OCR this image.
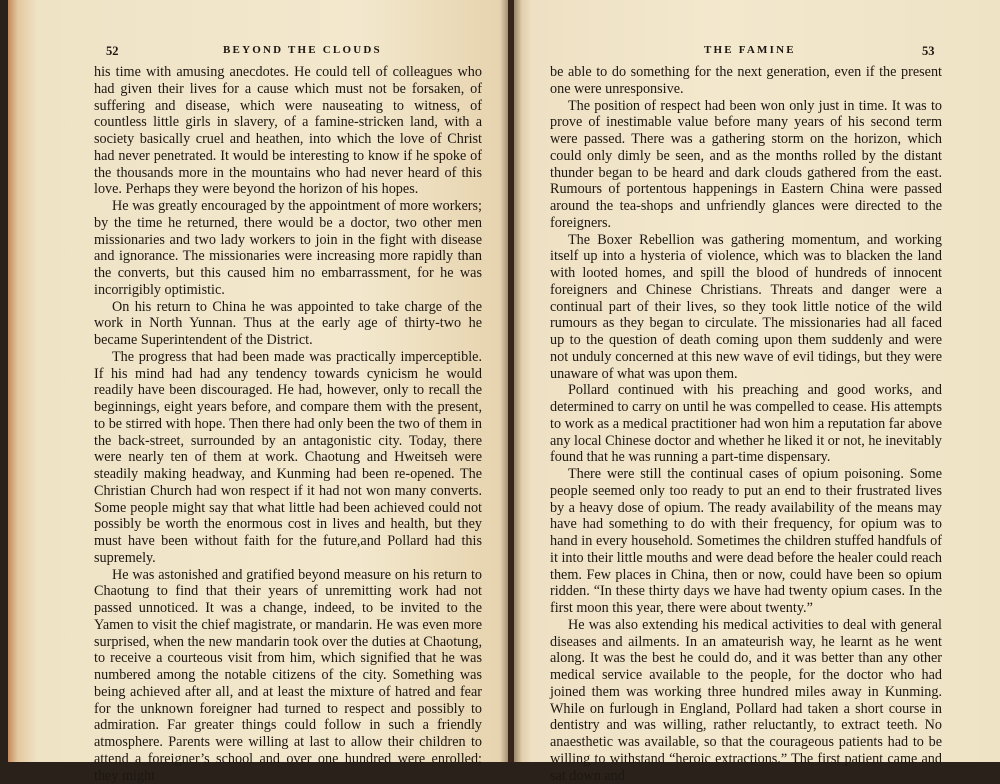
52	BEYOND THE CLOUDS

his time with amusing anecdotes. He could tell of colleagues who had given their lives for a cause which must not be forsaken, of suffering and disease, which were nauseating to witness, of countless little girls in slavery, of a famine-stricken land, with a society basically cruel and heathen, into which the love of Christ had never penetrated. It would be interesting to know if he spoke of the thousands more in the mountains who had never heard of this love. Perhaps they were beyond the horizon of his hopes.

He was greatly encouraged by the appointment of more workers; by the time he returned, there would be a doctor, two other men missionaries and two lady workers to join in the fight with disease and ignorance. The missionaries were increasing more rapidly than the converts, but this caused him no embarrassment, for he was incorrigibly optimistic.

On his return to China he was appointed to take charge of the work in North Yunnan. Thus at the early age of thirty-two he became Superintendent of the District.

The progress that had been made was practically imperceptible. If his mind had had any tendency towards cynicism he would readily have been discouraged. He had, however, only to recall the beginnings, eight years before, and compare them with the present, to be stirred with hope. Then there had only been the two of them in the back-street, surrounded by an antagonistic city. Today, there were nearly ten of them at work. Chaotung and Hweitseh were steadily making headway, and Kunming had been re-opened. The Christian Church had won respect if it had not won many converts. Some people might say that what little had been achieved could not possibly be worth the enormous cost in lives and health, but they must have been without faith for the future,and Pollard had this supremely.

He was astonished and gratified beyond measure on his return to Chaotung to find that their years of unremitting work had not passed unnoticed. It was a change, indeed, to be invited to the Yamen to visit the chief magistrate, or mandarin. He was even more surprised, when the new mandarin took over the duties at Chaotung, to receive a courteous visit from him, which signified that he was numbered among the notable citizens of the city. Something was being achieved after all, and at least the mixture of hatred and fear for the unknown foreigner had turned to respect and possibly to admiration. Far greater things could follow in such a friendly atmosphere. Parents were willing at last to allow their children to attend a foreigner’s school and over one hundred were enrolled; they might

THE FAMINE	53

be able to do something for the next generation, even if the present one were unresponsive.

The position of respect had been won only just in time. It was to prove of inestimable value before many years of his second term were passed. There was a gathering storm on the horizon, which could only dimly be seen, and as the months rolled by the distant thunder began to be heard and dark clouds gathered from the east. Rumours of portentous happenings in Eastern China were passed around the tea-shops and unfriendly glances were directed to the foreigners.

The Boxer Rebellion was gathering momentum, and working itself up into a hysteria of violence, which was to blacken the land with looted homes, and spill the blood of hundreds of innocent foreigners and Chinese Christians. Threats and danger were a continual part of their lives, so they took little notice of the wild rumours as they began to circulate. The missionaries had all faced up to the question of death coming upon them suddenly and were not unduly concerned at this new wave of evil tidings, but they were unaware of what was upon them.

Pollard continued with his preaching and good works, and determined to carry on until he was compelled to cease. His attempts to work as a medical practitioner had won him a reputation far above any local Chinese doctor and whether he liked it or not, he inevitably found that he was running a part-time dispensary.

There were still the continual cases of opium poisoning. Some people seemed only too ready to put an end to their frustrated lives by a heavy dose of opium. The ready availability of the means may have had something to do with their frequency, for opium was to hand in every household. Sometimes the children stuffed handfuls of it into their little mouths and were dead before the healer could reach them. Few places in China, then or now, could have been so opium ridden. “In these thirty days we have had twenty opium cases. In the first moon this year, there were about twenty.”

He was also extending his medical activities to deal with general diseases and ailments. In an amateurish way, he learnt as he went along. It was the best he could do, and it was better than any other medical service available to the people, for the doctor who had joined them was working three hundred miles away in Kunming. While on furlough in England, Pollard had taken a short course in dentistry and was willing, rather reluctantly, to extract teeth. No anaesthetic was available, so that the courageous patients had to be willing to withstand “heroic extractions.” The first patient came and sat down and
